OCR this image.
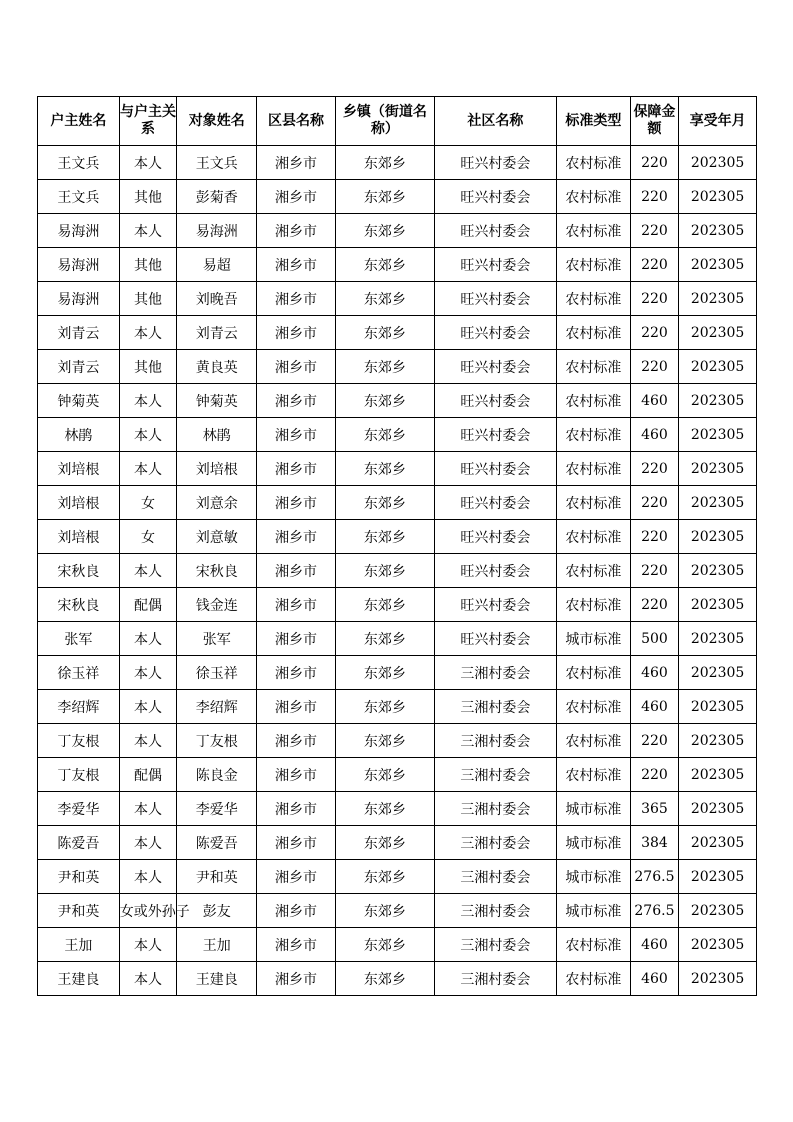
户主姓名	与户主关系	对象姓名	区县名称	乡镇（街道名称）	社区名称	标准类型	保障金额	享受年月
王文兵	本人	王文兵	湘乡市	东郊乡	旺兴村委会	农村标准	220	202305
王文兵	其他	彭菊香	湘乡市	东郊乡	旺兴村委会	农村标准	220	202305
易海洲	本人	易海洲	湘乡市	东郊乡	旺兴村委会	农村标准	220	202305
易海洲	其他	易超	湘乡市	东郊乡	旺兴村委会	农村标准	220	202305
易海洲	其他	刘晚吾	湘乡市	东郊乡	旺兴村委会	农村标准	220	202305
刘青云	本人	刘青云	湘乡市	东郊乡	旺兴村委会	农村标准	220	202305
刘青云	其他	黄良英	湘乡市	东郊乡	旺兴村委会	农村标准	220	202305
钟菊英	本人	钟菊英	湘乡市	东郊乡	旺兴村委会	农村标准	460	202305
林鹃	本人	林鹃	湘乡市	东郊乡	旺兴村委会	农村标准	460	202305
刘培根	本人	刘培根	湘乡市	东郊乡	旺兴村委会	农村标准	220	202305
刘培根	女	刘意余	湘乡市	东郊乡	旺兴村委会	农村标准	220	202305
刘培根	女	刘意敏	湘乡市	东郊乡	旺兴村委会	农村标准	220	202305
宋秋良	本人	宋秋良	湘乡市	东郊乡	旺兴村委会	农村标准	220	202305
宋秋良	配偶	钱金连	湘乡市	东郊乡	旺兴村委会	农村标准	220	202305
张军	本人	张军	湘乡市	东郊乡	旺兴村委会	城市标准	500	202305
徐玉祥	本人	徐玉祥	湘乡市	东郊乡	三湘村委会	农村标准	460	202305
李绍辉	本人	李绍辉	湘乡市	东郊乡	三湘村委会	农村标准	460	202305
丁友根	本人	丁友根	湘乡市	东郊乡	三湘村委会	农村标准	220	202305
丁友根	配偶	陈良金	湘乡市	东郊乡	三湘村委会	农村标准	220	202305
李爱华	本人	李爱华	湘乡市	东郊乡	三湘村委会	城市标准	365	202305
陈爱吾	本人	陈爱吾	湘乡市	东郊乡	三湘村委会	城市标准	384	202305
尹和英	本人	尹和英	湘乡市	东郊乡	三湘村委会	城市标准	276.5	202305
尹和英	女或外孙子	彭友	湘乡市	东郊乡	三湘村委会	城市标准	276.5	202305
王加	本人	王加	湘乡市	东郊乡	三湘村委会	农村标准	460	202305
王建良	本人	王建良	湘乡市	东郊乡	三湘村委会	农村标准	460	202305
